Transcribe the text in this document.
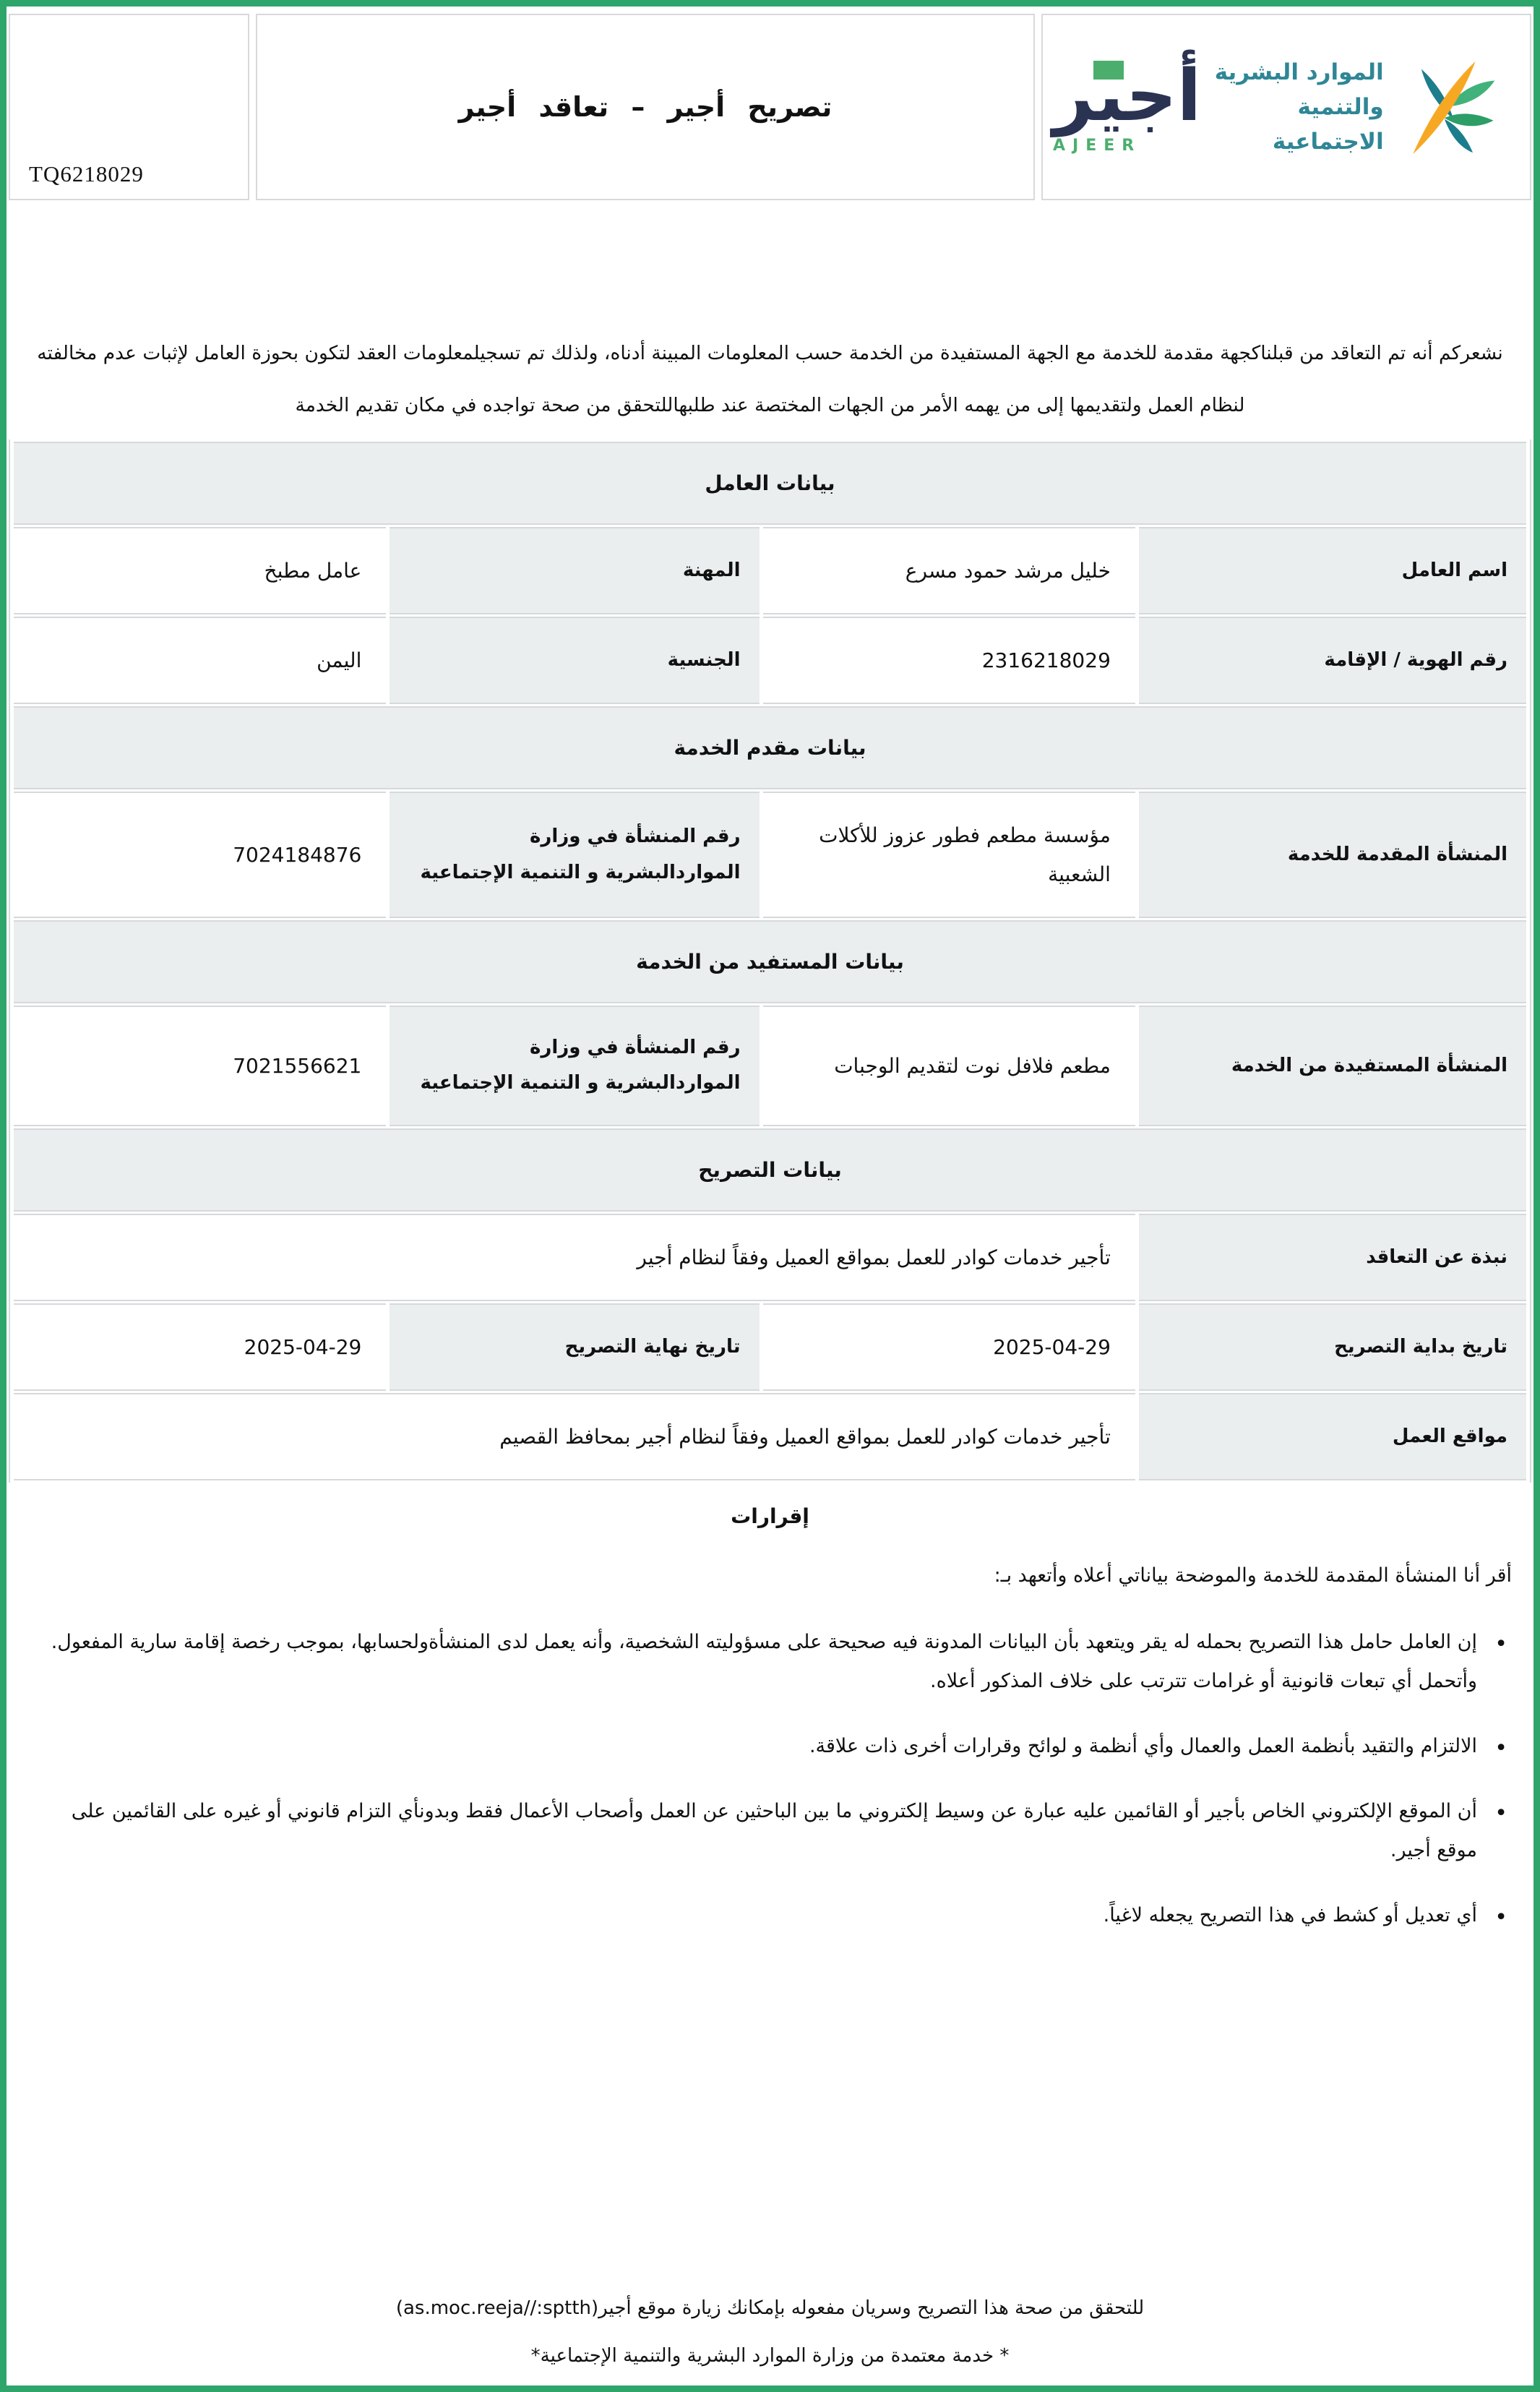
TQ6218029
تصريح أجير – تعاقد أجير	أجير
AJEER
الموارد البشرية
والتنمية الاجتماعية
نشعركم أنه تم التعاقد من قبلناكجهة مقدمة للخدمة مع الجهة المستفيدة من الخدمة حسب المعلومات المبينة أدناه، ولذلك تم تسجيلمعلومات العقد لتكون بحوزة العامل لإثبات عدم مخالفته لنظام العمل ولتقديمها إلى من يهمه الأمر من الجهات المختصة عند طلبهاللتحقق من صحة تواجده في مكان تقديم الخدمة
بيانات العامل			
اسم العامل	خليل مرشد حمود مسرع	المهنة	عامل مطبخ
رقم الهوية / الإقامة	2316218029	الجنسية	اليمن
بيانات مقدم الخدمة			
المنشأة المقدمة للخدمة	مؤسسة مطعم فطور عزوز للأكلات الشعبية	رقم المنشأة في وزارة المواردالبشرية و التنمية الإجتماعية	7024184876
بيانات المستفيد من الخدمة			
المنشأة المستفيدة من الخدمة	مطعم فلافل نوت لتقديم الوجبات	رقم المنشأة في وزارة المواردالبشرية و التنمية الإجتماعية	7021556621
بيانات التصريح			
نبذة عن التعاقد	تأجير خدمات كوادر للعمل بمواقع العميل وفقاً لنظام أجير		
تاريخ بداية التصريح	2025-04-29	تاريخ نهاية التصريح	2025-04-29
مواقع العمل	تأجير خدمات كوادر للعمل بمواقع العميل وفقاً لنظام أجير بمحافظ القصيم		
إقرارات
أقر أنا المنشأة المقدمة للخدمة والموضحة بياناتي أعلاه وأتعهد بـ:
• إن العامل حامل هذا التصريح بحمله له يقر ويتعهد بأن البيانات المدونة فيه صحيحة على مسؤوليته الشخصية، وأنه يعمل لدى المنشأةولحسابها، بموجب رخصة إقامة سارية المفعول. وأتحمل أي تبعات قانونية أو غرامات تترتب على خلاف المذكور أعلاه.
• الالتزام والتقيد بأنظمة العمل والعمال وأي أنظمة و لوائح وقرارات أخرى ذات علاقة.
• أن الموقع الإلكتروني الخاص بأجير أو القائمين عليه عبارة عن وسيط إلكتروني ما بين الباحثين عن العمل وأصحاب الأعمال فقط وبدونأي التزام قانوني أو غيره على القائمين على موقع أجير.
• أي تعديل أو كشط في هذا التصريح يجعله لاغياً.
للتحقق من صحة هذا التصريح وسريان مفعوله بإمكانك زيارة موقع أجير(as.moc.reeja//:sptth)
* خدمة معتمدة من وزارة الموارد البشرية والتنمية الإجتماعية*
